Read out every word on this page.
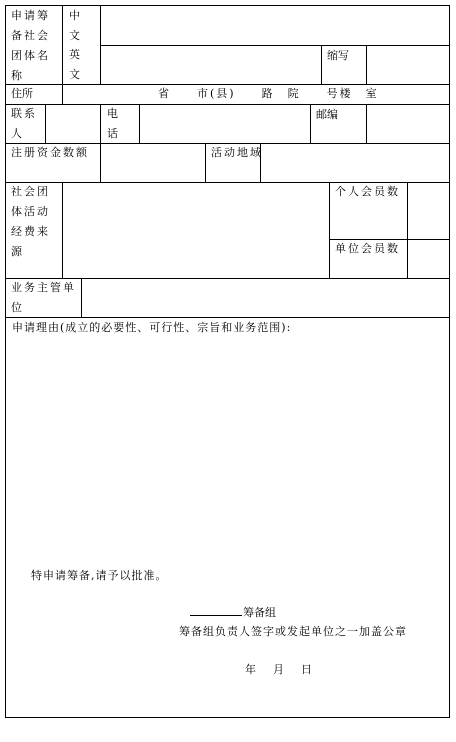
申请筹备社会团体名称
中文
英文
缩写
住所	省　　市(县)　　路　院　　号楼　室
联系人
电话
邮编
注册资金数额	活动地域
社会团体活动经费来源
个人会员数
单位会员数
业务主管单位
申请理由(成立的必要性、可行性、宗旨和业务范围):
特申请筹备,请予以批准。
筹备组
筹备组负责人签字或发起单位之一加盖公章
年　月　日
